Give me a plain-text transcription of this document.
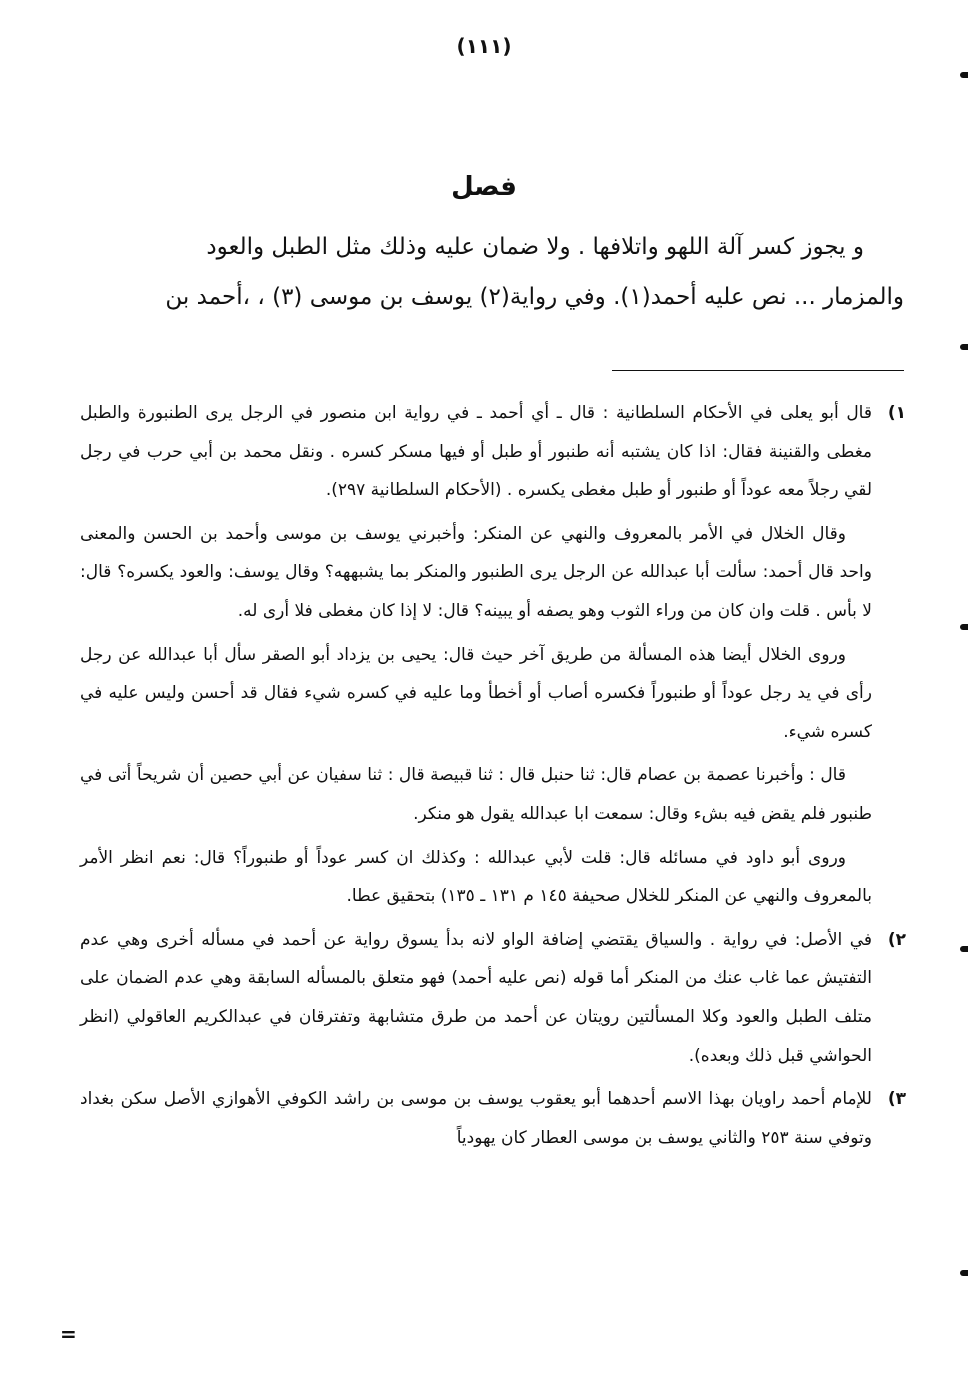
(١١١)
فصل

و يجوز كسر آلة اللهو واتلافها . ولا ضمان عليه وذلك مثل الطبل والعود

والمزمار ... نص عليه أحمد(١). وفي رواية(٢) يوسف بن موسى (٣) ، ،أحمد بن

١)

قال أبو يعلى في الأحكام السلطانية : قال ـ أي أحمد ـ في رواية ابن منصور في الرجل يرى الطنبورة والطبل مغطى والقنينة فقال: اذا كان يشتبه أنه طنبور أو طبل أو فيها مسكر كسره . ونقل محمد بن أبي حرب في رجل لقي رجلاً معه عوداً أو طنبور أو طبل مغطى يكسره . (الأحكام السلطانية ٢٩٧).

وقال الخلال في الأمر بالمعروف والنهي عن المنكر: وأخبرني يوسف بن موسى وأحمد بن الحسن والمعنى واحد قال أحمد: سألت أبا عبدالله عن الرجل يرى الطنبور والمنكر بما يشبههه؟ وقال يوسف: والعود يكسره؟ قال: لا بأس . قلت وان كان من وراء الثوب وهو يصفه أو يبينه؟ قال: لا إذا كان مغطى فلا أرى له.

وروى الخلال أيضا هذه المسألة من طريق آخر حيث قال: يحيى بن يزداد أبو الصقر سأل أبا عبدالله عن رجل رأى في يد رجل عوداً أو طنبوراً فكسره أصاب أو أخطأ وما عليه في كسره شيء فقال قد أحسن وليس عليه في كسره شيء.

قال : وأخبرنا عصمة بن عصام قال: ثنا حنبل قال : ثنا قبيصة قال : ثنا سفيان عن أبي حصين أن شريحاً أتى في طنبور فلم يقض فيه بشء وقال: سمعت ابا عبدالله يقول هو منكر.

وروى أبو داود في مسائله قال: قلت لأبي عبدالله : وكذلك ان كسر عوداً أو طنبوراً؟ قال: نعم انظر الأمر بالمعروف والنهي عن المنكر للخلال صحيفة ١٤٥ م ١٣١ ـ ١٣٥) بتحقيق عطا.

٢)

في الأصل: في رواية . والسياق يقتضي إضافة الواو لانه بدأ يسوق رواية عن أحمد في مسأله أخرى وهي عدم التفتيش عما غاب عنك من المنكر أما قوله (نص عليه أحمد) فهو متعلق بالمسأله السابقة وهي عدم الضمان على متلف الطبل والعود وكلا المسألتين رويتان عن أحمد من طرق متشابهة وتفترقان في عبدالكريم العاقولي (انظر الحواشي قبل ذلك وبعده).

٣)

للإمام أحمد راويان بهذا الاسم أحدهما أبو يعقوب يوسف بن موسى بن راشد الكوفي الأهوازي الأصل سكن بغداد وتوفي سنة ٢٥٣ والثاني يوسف بن موسى العطار كان يهودياً

=
